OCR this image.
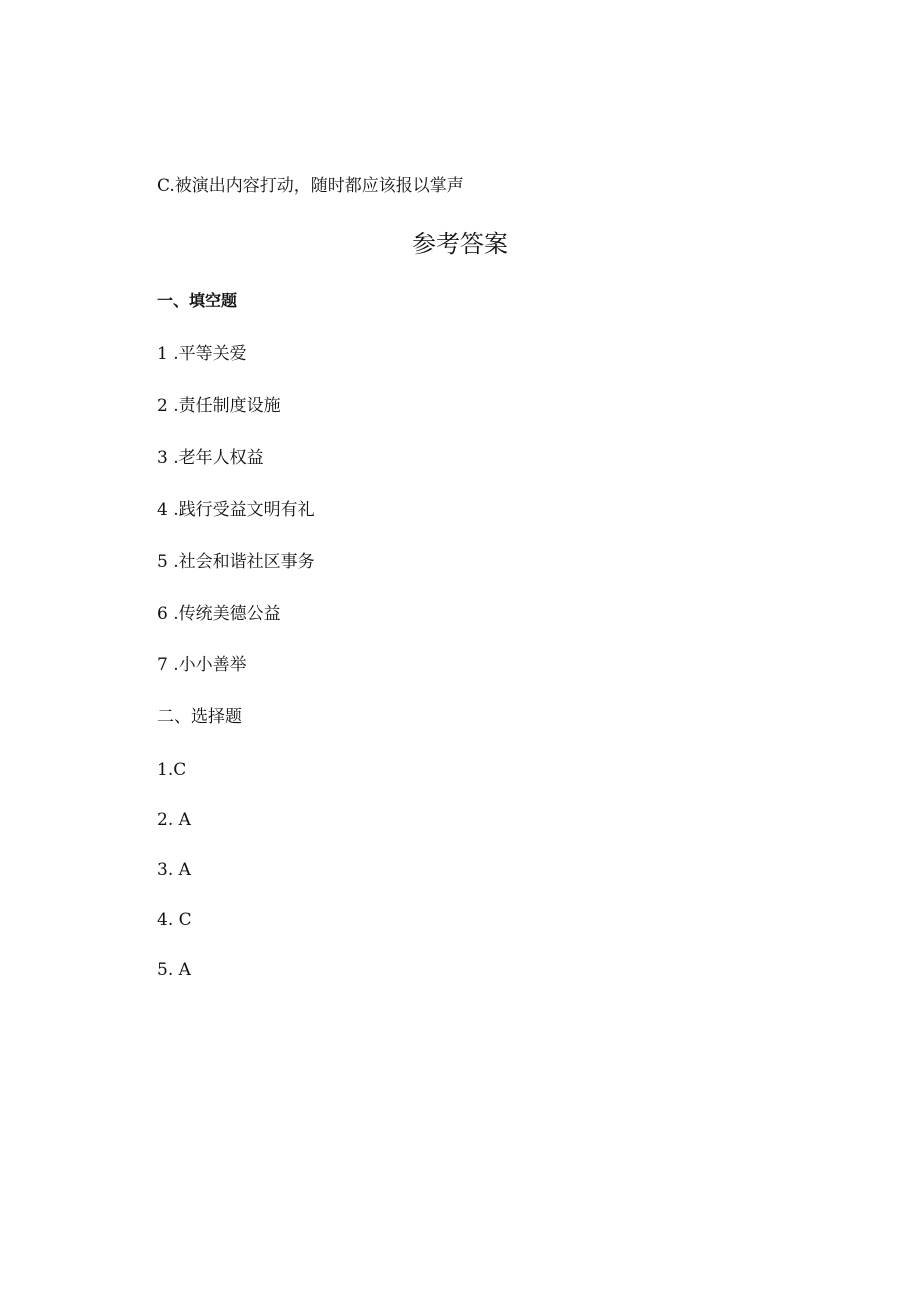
C.被演出内容打动，随时都应该报以掌声
参考答案
一、填空题
1 .平等关爱
2 .责任制度设施
3 .老年人权益
4 .践行受益文明有礼
5 .社会和谐社区事务
6 .传统美德公益
7 .小小善举
二、选择题
1.C
2. A
3. A
4. C
5. A
